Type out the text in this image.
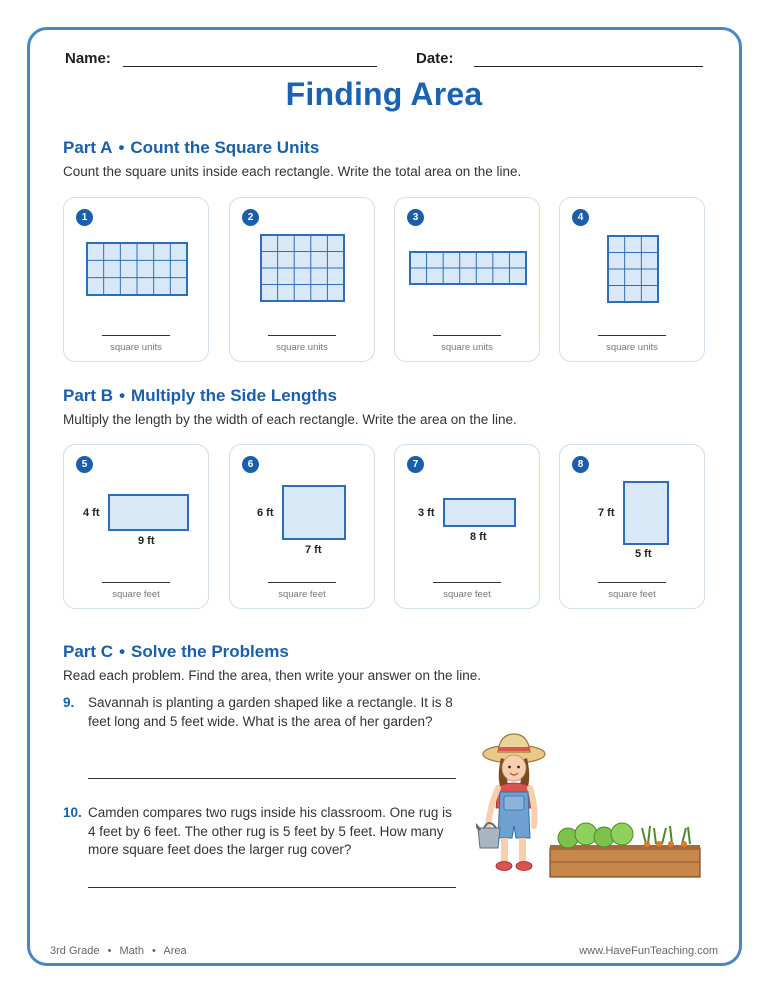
Name:	Date:
Finding Area
Part A • Count the Square Units
Count the square units inside each rectangle. Write the total area on the line.
1
square units
2
square units
3
square units
4
square units
Part B • Multiply the Side Lengths
Multiply the length by the width of each rectangle. Write the area on the line.
5
4 ft
9 ft
square feet
6
6 ft
7 ft
square feet
7
3 ft
8 ft
square feet
8
7 ft
5 ft
square feet
Part C • Solve the Problems
Read each problem. Find the area, then write your answer on the line.
9. Savannah is planting a garden shaped like a rectangle. It is 8 feet long and 5 feet wide. What is the area of her garden?
10. Camden compares two rugs inside his classroom. One rug is 4 feet by 6 feet. The other rug is 5 feet by 5 feet. How many more square feet does the larger rug cover?
3rd Grade • Math • Area	www.HaveFunTeaching.com
